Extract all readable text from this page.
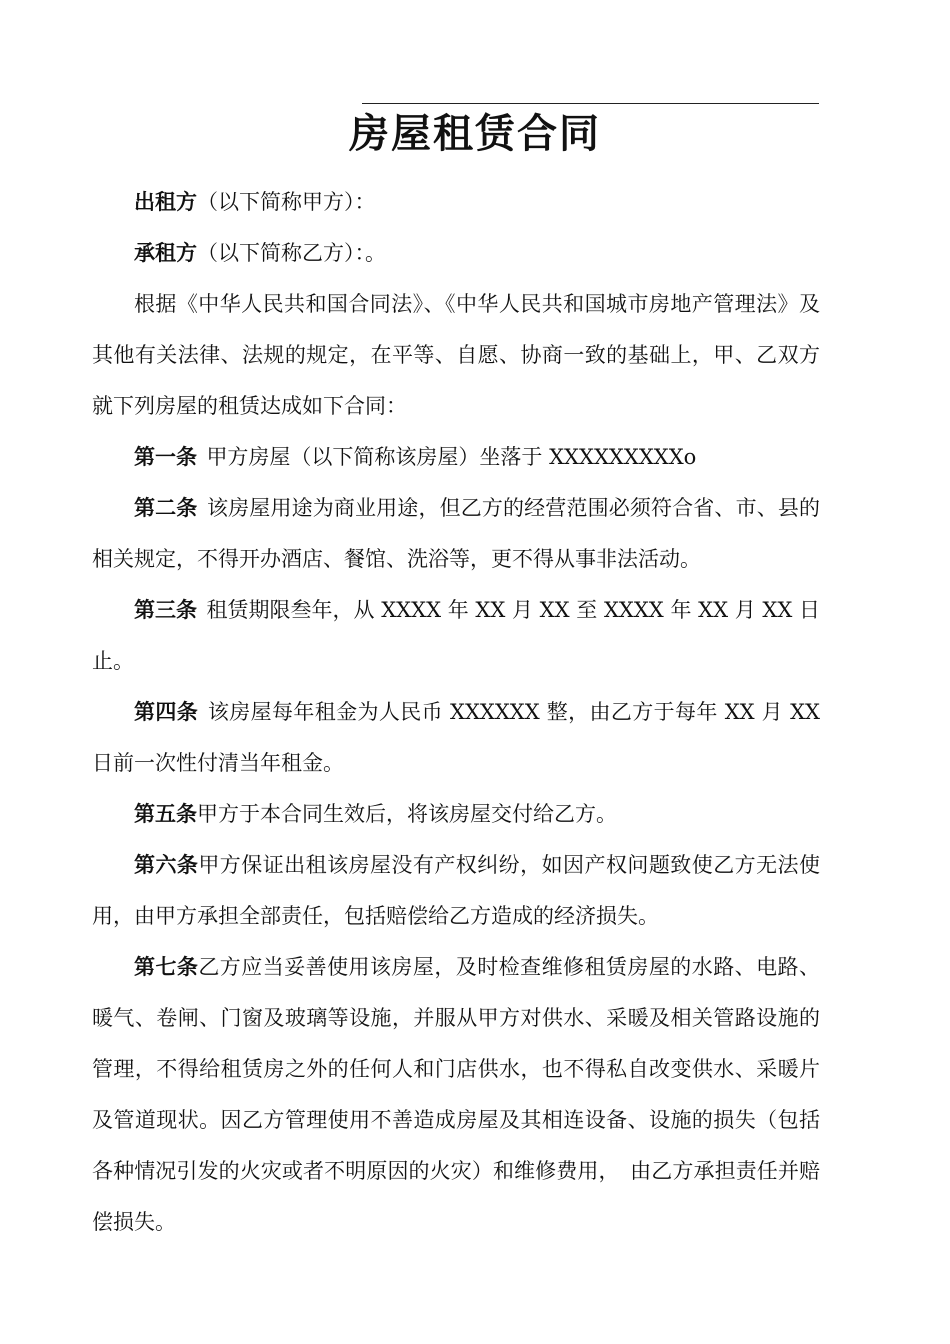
房屋租赁合同

出租方（以下简称甲方）：

承租方（以下简称乙方）：。

根据《中华人民共和国合同法》、《中华人民共和国城市房地产管理法》及其他有关法律、法规的规定，在平等、自愿、协商一致的基础上，甲、乙双方就下列房屋的租赁达成如下合同：

第一条 甲方房屋（以下简称该房屋）坐落于 XXXXXXXXXo

第二条 该房屋用途为商业用途，但乙方的经营范围必须符合省、市、县的相关规定，不得开办酒店、餐馆、洗浴等，更不得从事非法活动。

第三条 租赁期限叁年，从 XXXX 年 XX 月 XX 至 XXXX 年 XX 月 XX 日止。

第四条 该房屋每年租金为人民币 XXXXXX 整，由乙方于每年 XX 月 XX 日前一次性付清当年租金。

第五条甲方于本合同生效后，将该房屋交付给乙方。

第六条甲方保证出租该房屋没有产权纠纷，如因产权问题致使乙方无法使用，由甲方承担全部责任，包括赔偿给乙方造成的经济损失。

第七条乙方应当妥善使用该房屋，及时检查维修租赁房屋的水路、电路、暖气、卷闸、门窗及玻璃等设施，并服从甲方对供水、采暖及相关管路设施的管理，不得给租赁房之外的任何人和门店供水，也不得私自改变供水、采暖片及管道现状。因乙方管理使用不善造成房屋及其相连设备、设施的损失（包括各种情况引发的火灾或者不明原因的火灾）和维修费用，　由乙方承担责任并赔偿损失。
